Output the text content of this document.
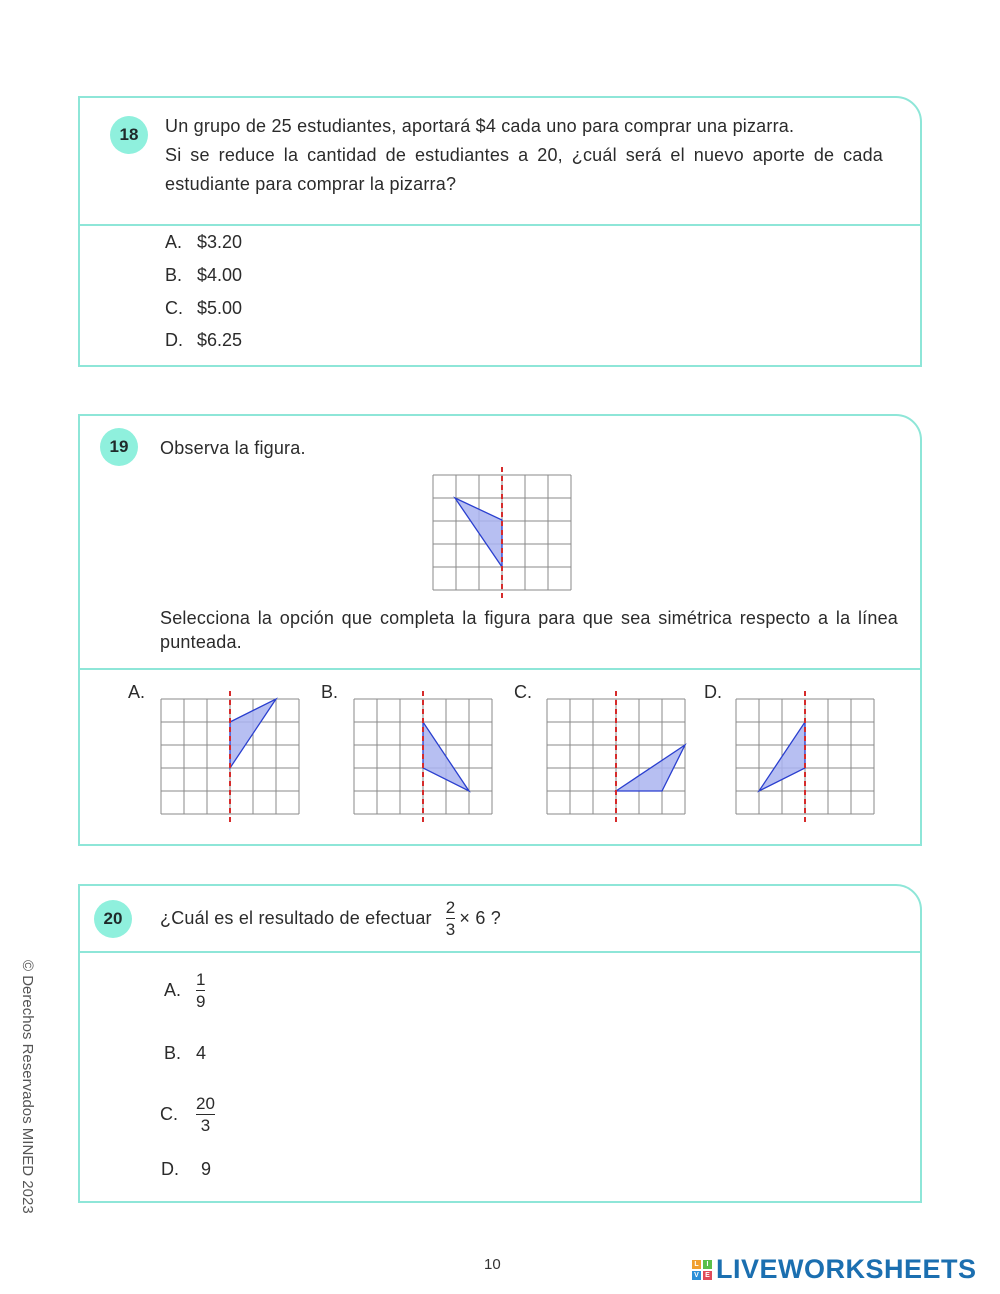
18	Un grupo de 25 estudiantes, aportará $4 cada uno para comprar una pizarra.
Si se reduce la cantidad de estudiantes a 20, ¿cuál será el nuevo aporte de cada estudiante para comprar la pizarra?
A. $3.20
B. $4.00
C. $5.00
D. $6.25
19	Observa la figura.
Selecciona la opción que completa la figura para que sea simétrica respecto a la línea punteada.
A.	B.	C.	D.
20	¿Cuál es el resultado de efectuar $\frac{2}{3} \times 6$ ?
A. $\frac{1}{9}$
B. 4
C.	$\frac{20}{3}$
D. 9
© Derechos Reservados MINED 2023
10	L	I
V E LIVEWORKSHEETS
